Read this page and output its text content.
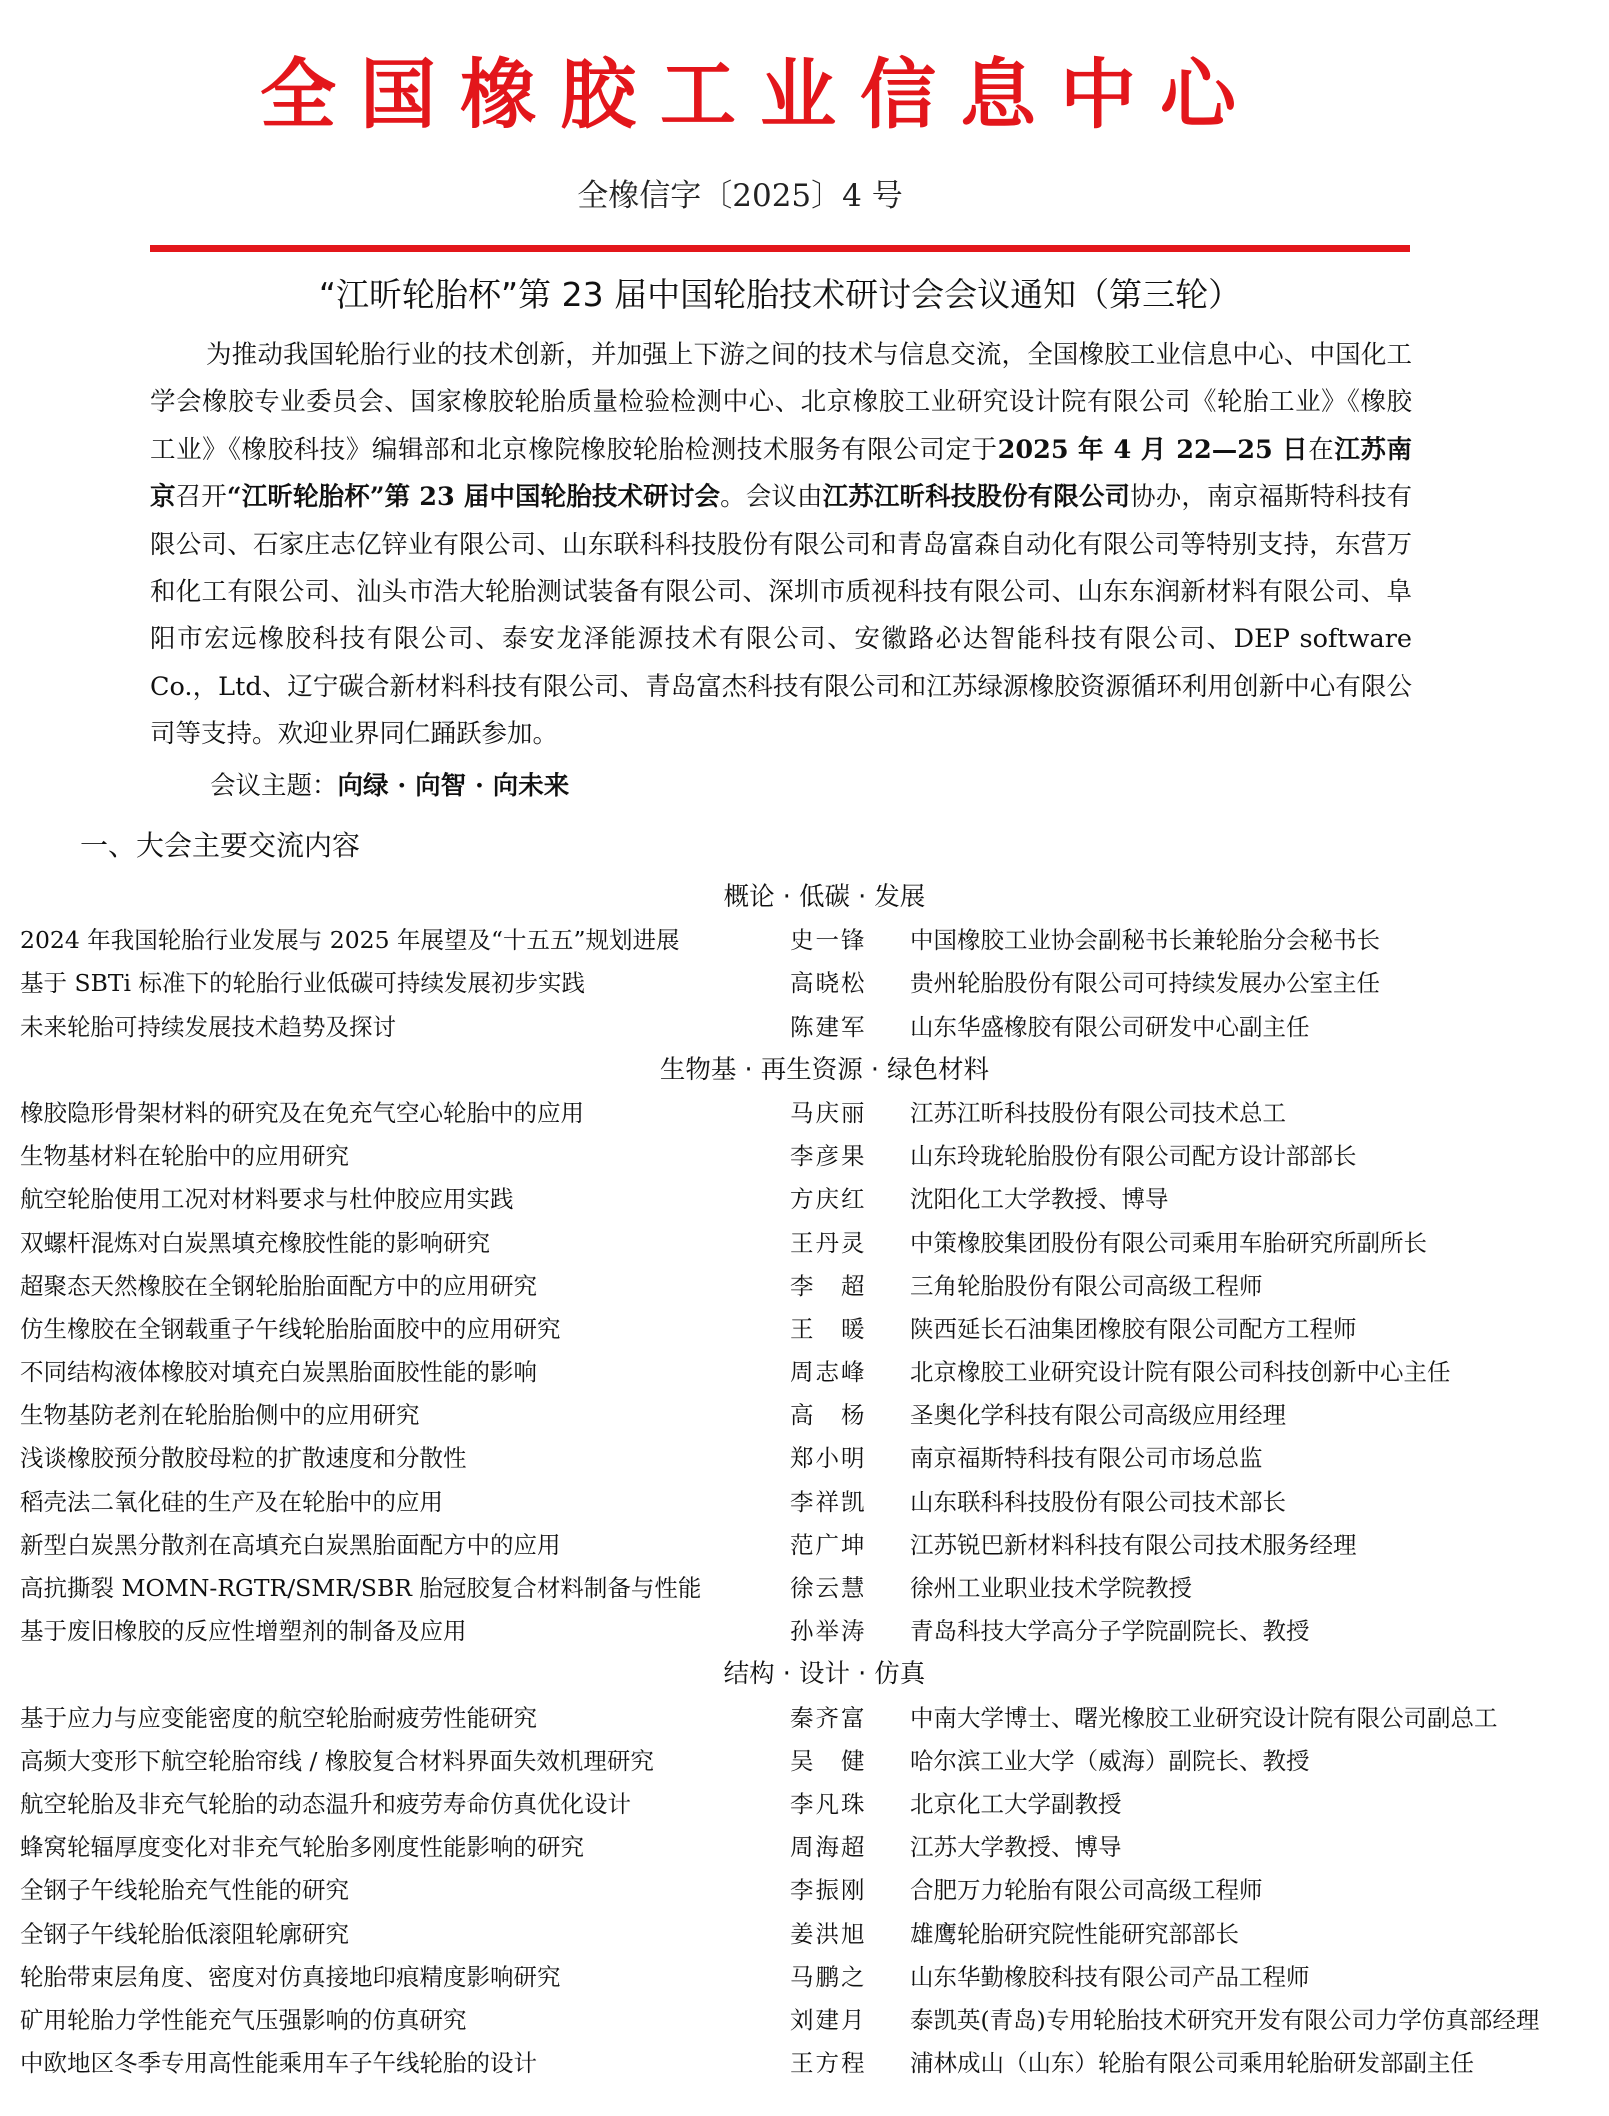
全国橡胶工业信息中心
全橡信字〔2025〕4 号
“江昕轮胎杯”第 23 届中国轮胎技术研讨会会议通知（第三轮）

为推动我国轮胎行业的技术创新，并加强上下游之间的技术与信息交流，全国橡胶工业信息中心、中国化工学会橡胶专业委员会、国家橡胶轮胎质量检验检测中心、北京橡胶工业研究设计院有限公司《轮胎工业》《橡胶工业》《橡胶科技》编辑部和北京橡院橡胶轮胎检测技术服务有限公司定于2025 年 4 月 22—25 日在江苏南京召开“江昕轮胎杯”第 23 届中国轮胎技术研讨会。会议由江苏江昕科技股份有限公司协办，南京福斯特科技有限公司、石家庄志亿锌业有限公司、山东联科科技股份有限公司和青岛富森自动化有限公司等特别支持，东营万和化工有限公司、汕头市浩大轮胎测试装备有限公司、深圳市质视科技有限公司、山东东润新材料有限公司、阜阳市宏远橡胶科技有限公司、泰安龙泽能源技术有限公司、安徽路必达智能科技有限公司、DEP software Co.，Ltd、辽宁碳合新材料科技有限公司、青岛富杰科技有限公司和江苏绿源橡胶资源循环利用创新中心有限公司等支持。欢迎业界同仁踊跃参加。

会议主题：向绿 · 向智 · 向未来
一、大会主要交流内容
概论 · 低碳 · 发展
2024 年我国轮胎行业发展与 2025 年展望及“十五五”规划进展	史一锋	中国橡胶工业协会副秘书长兼轮胎分会秘书长
基于 SBTi 标准下的轮胎行业低碳可持续发展初步实践	高晓松	贵州轮胎股份有限公司可持续发展办公室主任
未来轮胎可持续发展技术趋势及探讨	陈建军	山东华盛橡胶有限公司研发中心副主任
生物基 · 再生资源 · 绿色材料
橡胶隐形骨架材料的研究及在免充气空心轮胎中的应用	马庆丽	江苏江昕科技股份有限公司技术总工
生物基材料在轮胎中的应用研究	李彦果	山东玲珑轮胎股份有限公司配方设计部部长
航空轮胎使用工况对材料要求与杜仲胶应用实践	方庆红	沈阳化工大学教授、博导
双螺杆混炼对白炭黑填充橡胶性能的影响研究	王丹灵	中策橡胶集团股份有限公司乘用车胎研究所副所长
超聚态天然橡胶在全钢轮胎胎面配方中的应用研究	李　超	三角轮胎股份有限公司高级工程师
仿生橡胶在全钢载重子午线轮胎胎面胶中的应用研究	王　暖	陕西延长石油集团橡胶有限公司配方工程师
不同结构液体橡胶对填充白炭黑胎面胶性能的影响	周志峰	北京橡胶工业研究设计院有限公司科技创新中心主任
生物基防老剂在轮胎胎侧中的应用研究	高　杨	圣奥化学科技有限公司高级应用经理
浅谈橡胶预分散胶母粒的扩散速度和分散性	郑小明	南京福斯特科技有限公司市场总监
稻壳法二氧化硅的生产及在轮胎中的应用	李祥凯	山东联科科技股份有限公司技术部长
新型白炭黑分散剂在高填充白炭黑胎面配方中的应用	范广坤	江苏锐巴新材料科技有限公司技术服务经理
高抗撕裂 MOMN-RGTR/SMR/SBR 胎冠胶复合材料制备与性能	徐云慧	徐州工业职业技术学院教授
基于废旧橡胶的反应性增塑剂的制备及应用	孙举涛	青岛科技大学高分子学院副院长、教授
结构 · 设计 · 仿真
基于应力与应变能密度的航空轮胎耐疲劳性能研究	秦齐富	中南大学博士、曙光橡胶工业研究设计院有限公司副总工
高频大变形下航空轮胎帘线 / 橡胶复合材料界面失效机理研究	吴　健	哈尔滨工业大学（威海）副院长、教授
航空轮胎及非充气轮胎的动态温升和疲劳寿命仿真优化设计	李凡珠	北京化工大学副教授
蜂窝轮辐厚度变化对非充气轮胎多刚度性能影响的研究	周海超	江苏大学教授、博导
全钢子午线轮胎充气性能的研究	李振刚	合肥万力轮胎有限公司高级工程师
全钢子午线轮胎低滚阻轮廓研究	姜洪旭	雄鹰轮胎研究院性能研究部部长
轮胎带束层角度、密度对仿真接地印痕精度影响研究	马鹏之	山东华勤橡胶科技有限公司产品工程师
矿用轮胎力学性能充气压强影响的仿真研究	刘建月	泰凯英(青岛)专用轮胎技术研究开发有限公司力学仿真部经理
中欧地区冬季专用高性能乘用车子午线轮胎的设计	王方程	浦林成山（山东）轮胎有限公司乘用轮胎研发部副主任
